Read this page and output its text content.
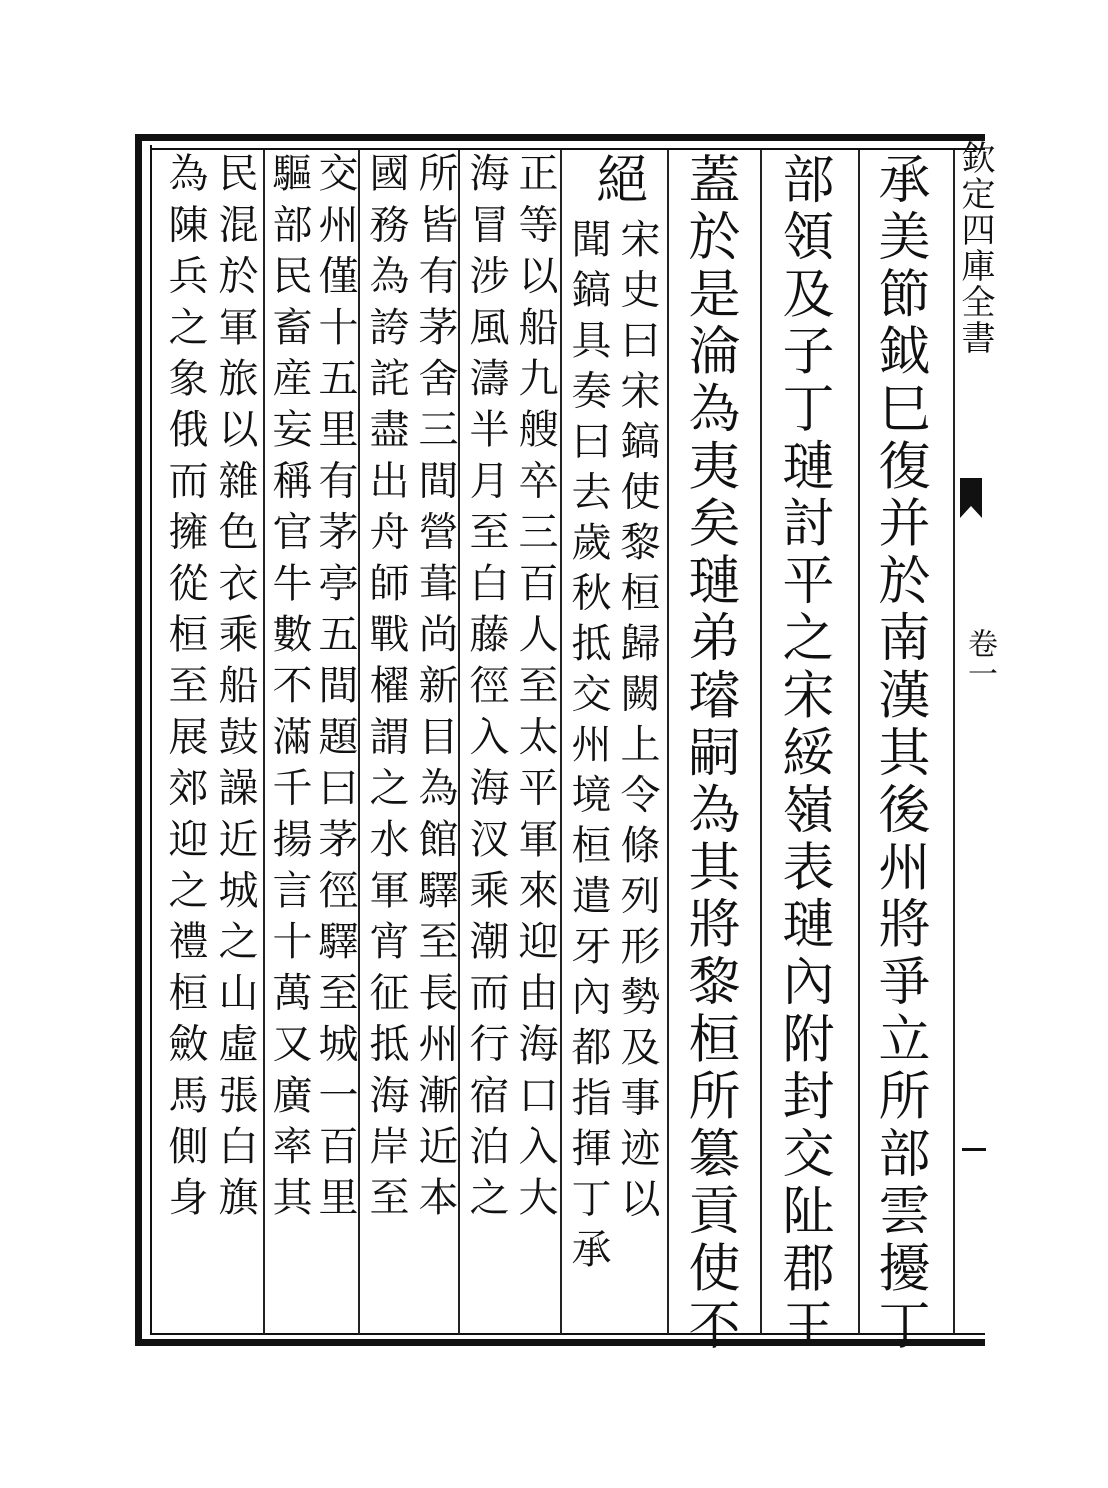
欽定四庫全書
卷一
承美節鉞巳復并於南漢其後州將爭立所部雲擾丁
部領及子丁璉討平之宋綏嶺表璉內附封交阯郡王
蓋於是淪為夷矣璉弟璿嗣為其將黎桓所簒貢使不
絕
宋史曰宋鎬使黎桓歸闕上令條列形勢及事迹以
聞鎬具奏曰去歲秋抵交州境桓遣牙內都指揮丁承
正等以船九艘卒三百人至太平軍來迎由海口入大
海冒涉風濤半月至白藤徑入海汊乘潮而行宿泊之
所皆有茅舍三間營葺尚新目為館驛至長州漸近本
國務為誇詫盡出舟師戰櫂謂之水軍宵征抵海岸至
交州僅十五里有茅亭五間題曰茅徑驛至城一百里
驅部民畜産妄稱官牛數不滿千揚言十萬又廣率其
民混於軍旅以雜色衣乘船鼓譟近城之山虛張白旗
為陳兵之象俄而擁從桓至展郊迎之禮桓斂馬側身
